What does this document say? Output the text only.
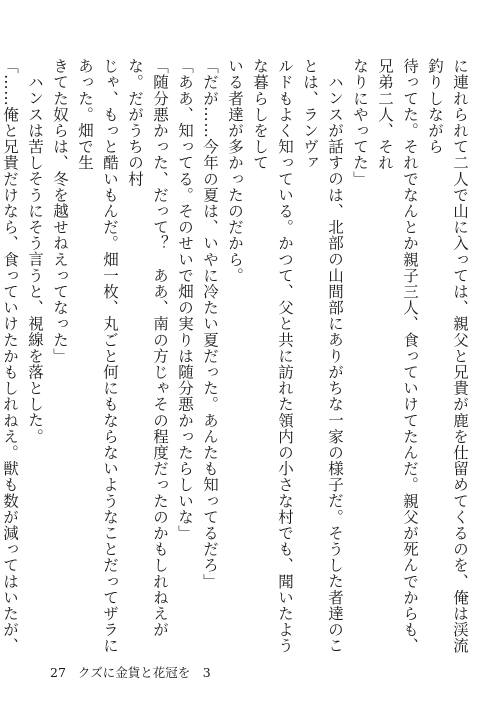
に連れられて二人で山に入っては、親父と兄貴が鹿を仕留めてくるのを、俺は渓流釣りしながら

待ってた。それでなんとか親子三人、食っていけてたんだ。親父が死んでからも、兄弟二人、それ

なりにやってた」

ハンスが話すのは、北部の山間部にありがちな一家の様子だ。そうした者達のことは、ランヴァ

ルドもよく知っている。かつて、父と共に訪れた領内の小さな村でも、聞いたような暮らしをして

いる者達が多かったのだから。

「だが……今年の夏は、いやに冷たい夏だった。あんたも知ってるだろ」

「ああ、知ってる。そのせいで畑の実りは随分悪かったらしいな」

「随分悪かった、だって？　ああ、南の方じゃその程度だったのかもしれねえがな。だがうちの村

じゃ、もっと酷いもんだ。畑一枚、丸ごと何にもならないようなことだってザラにあった。畑で生

きてた奴らは、冬を越せねえってなった」

ハンスは苦しそうにそう言うと、視線を落とした。

「……俺と兄貴だけなら、食っていけたかもしれねえ。獣も数が減ってはいたが、

27 クズに金貨と花冠を　3
